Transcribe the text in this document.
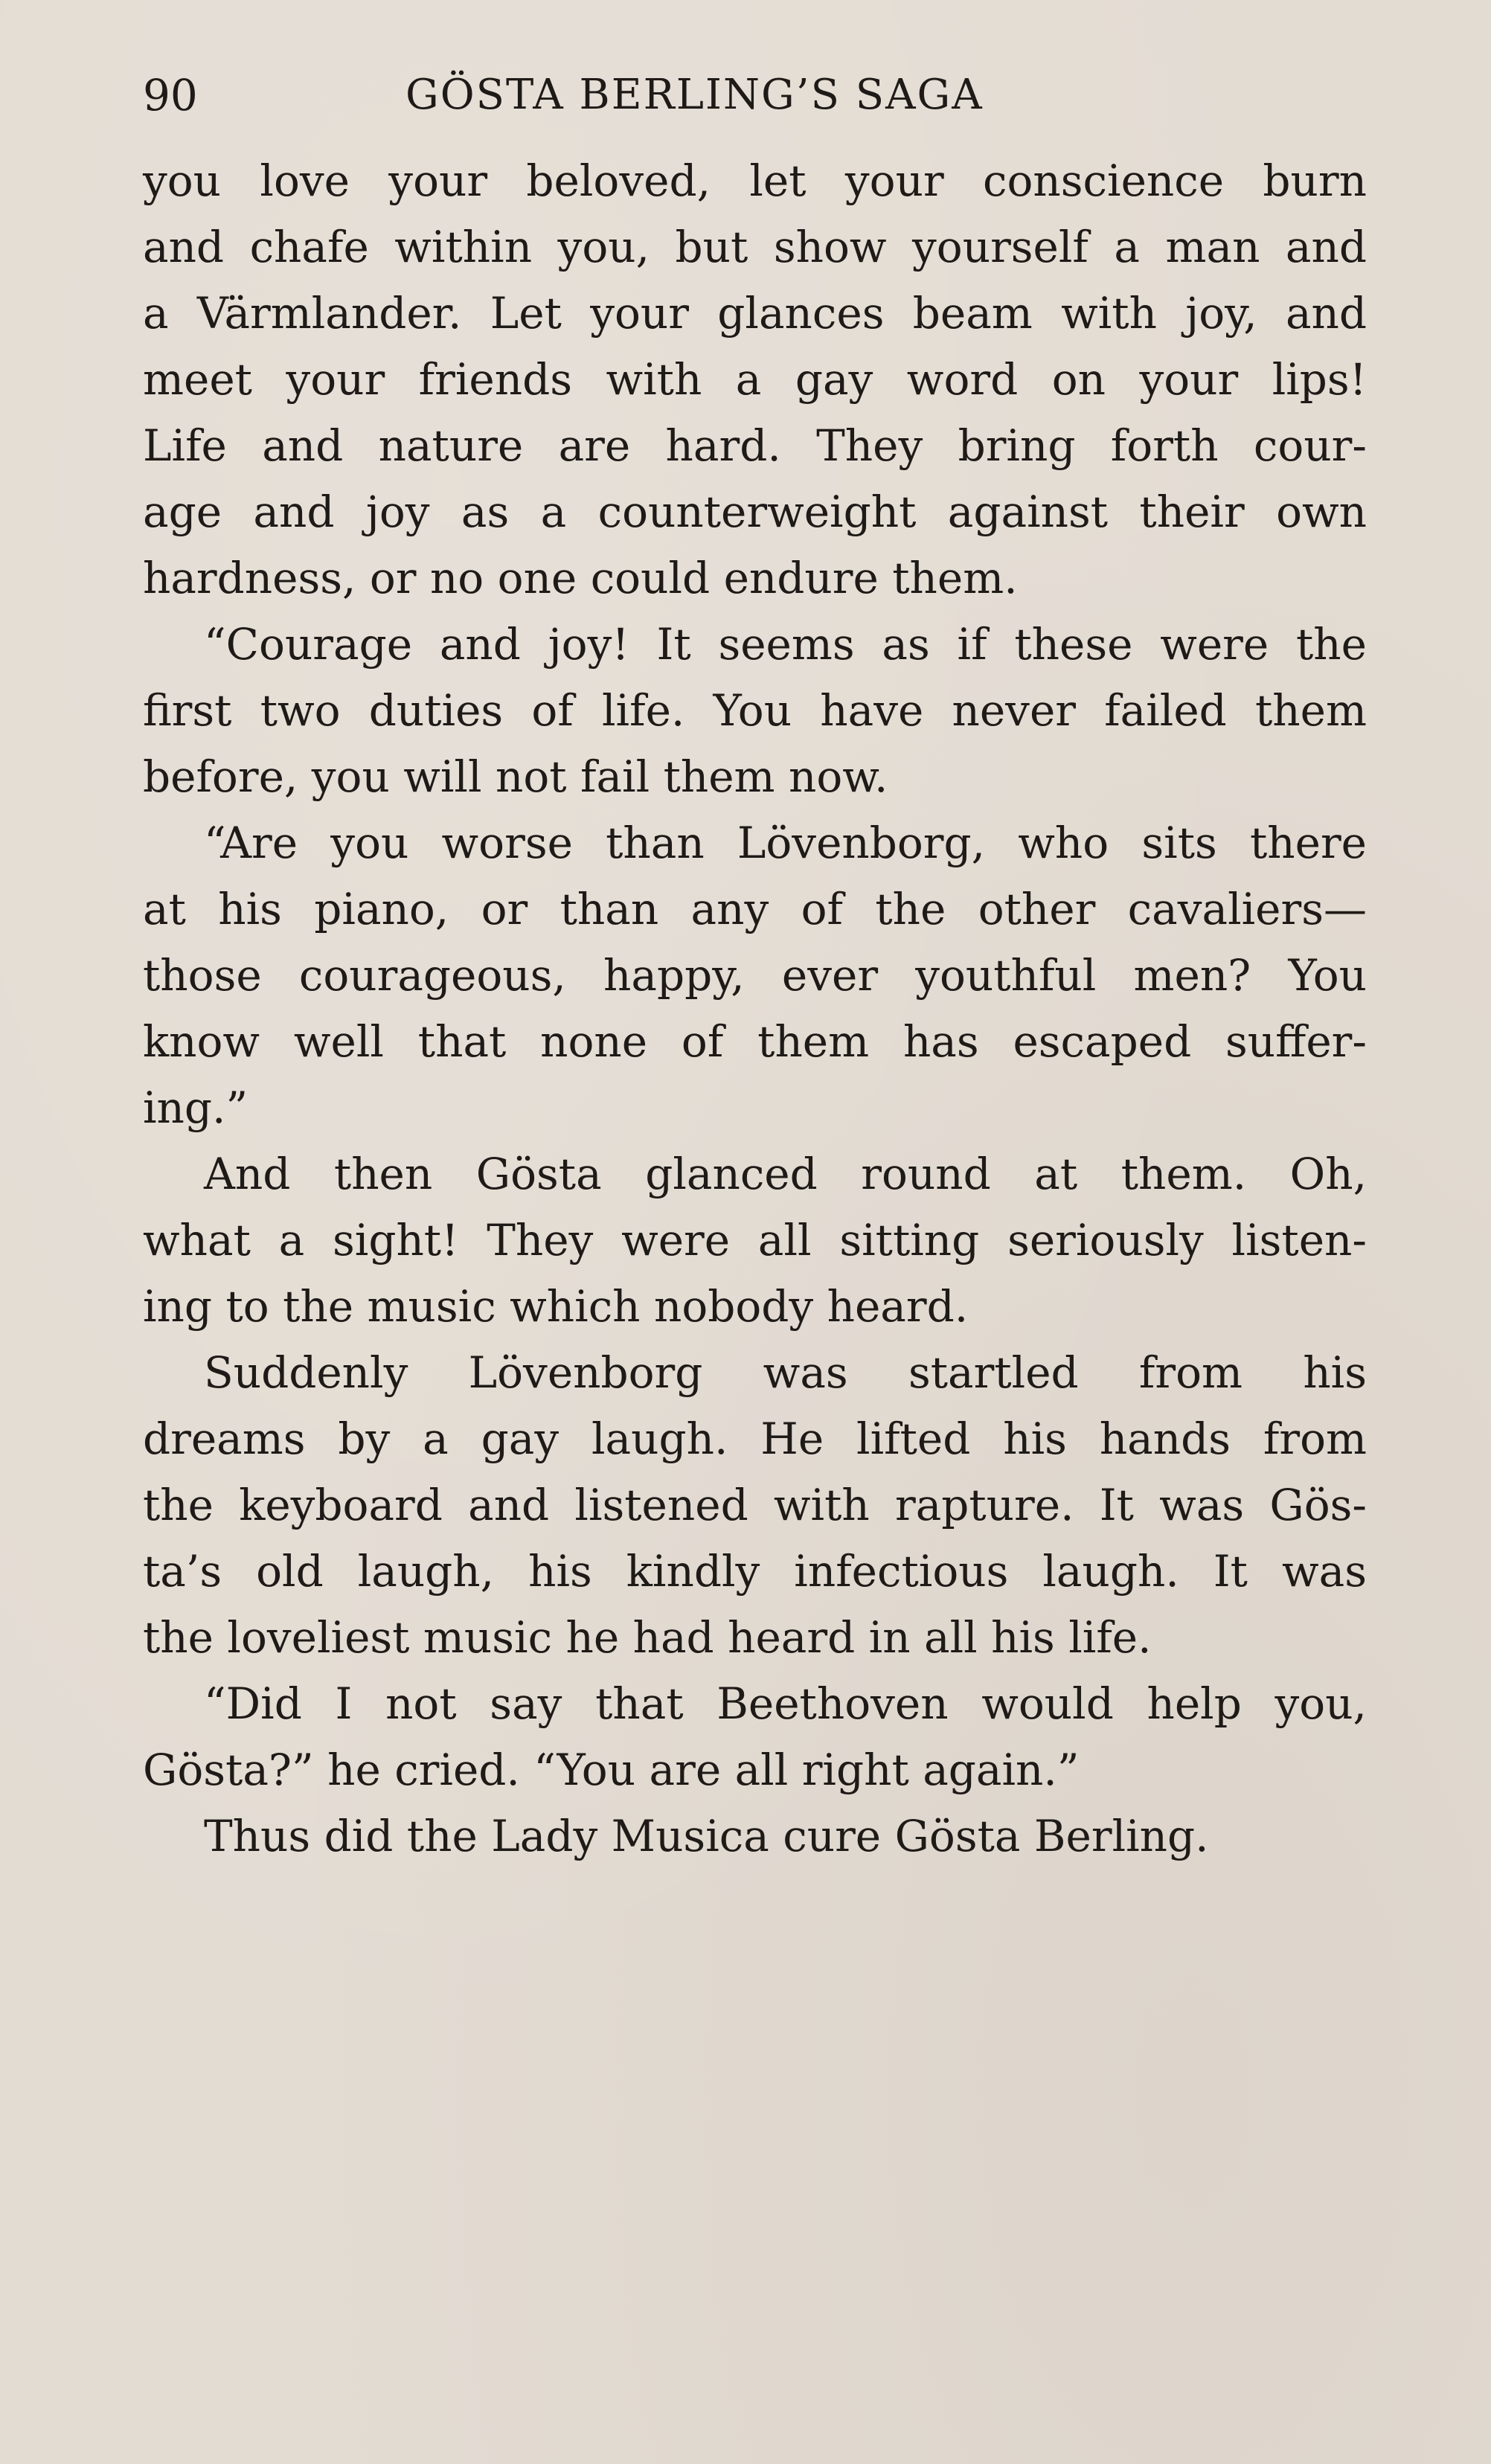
90	GÖSTA BERLING’S SAGA
you love your beloved, let your conscience burn
and chafe within you, but show yourself a man and
a Värmlander. Let your glances beam with joy, and
meet your friends with a gay word on your lips!
Life and nature are hard. They bring forth cour-
age and joy as a counterweight against their own
hardness, or no one could endure them.
“Courage and joy! It seems as if these were the
first two duties of life. You have never failed them
before, you will not fail them now.
“Are you worse than Lövenborg, who sits there
at his piano, or than any of the other cavaliers—
those courageous, happy, ever youthful men? You
know well that none of them has escaped suffer-
ing.”
And then Gösta glanced round at them. Oh,
what a sight! They were all sitting seriously listen-
ing to the music which nobody heard.
Suddenly Lövenborg was startled from his
dreams by a gay laugh. He lifted his hands from
the keyboard and listened with rapture. It was Gös-
ta’s old laugh, his kindly infectious laugh. It was
the loveliest music he had heard in all his life.
“Did I not say that Beethoven would help you,
Gösta?” he cried. “You are all right again.”
Thus did the Lady Musica cure Gösta Berling.
